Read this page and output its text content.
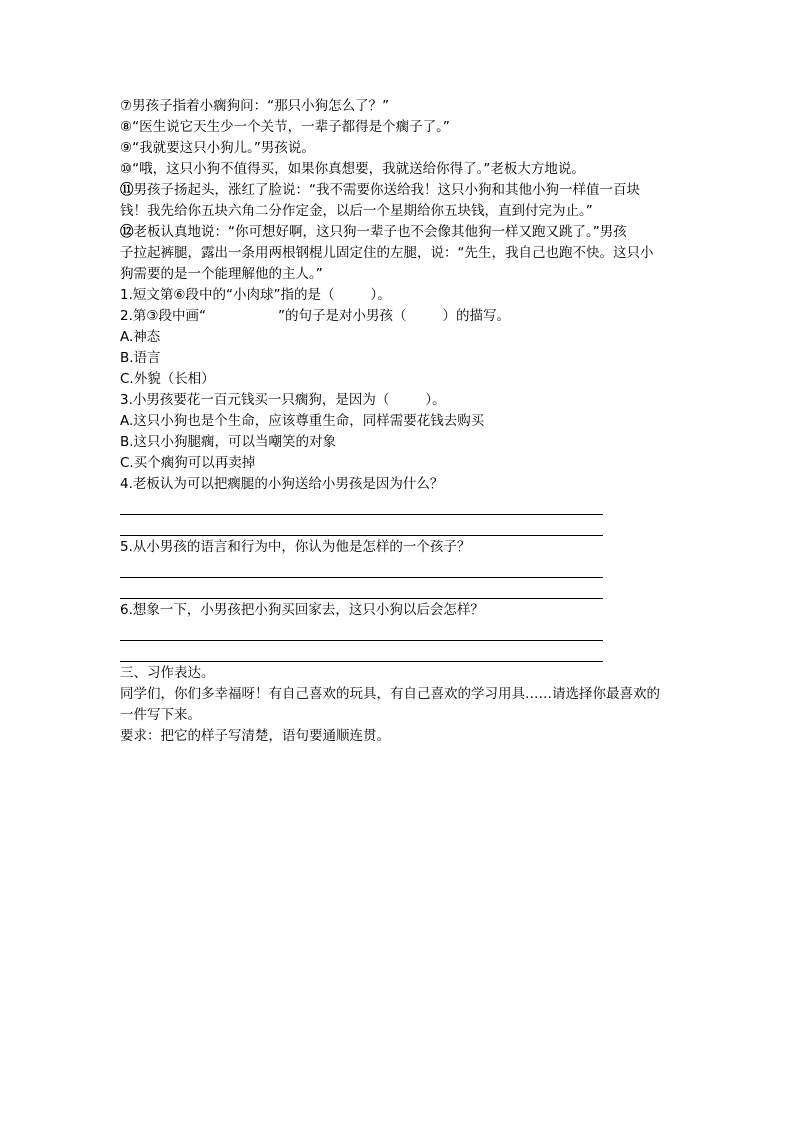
⑦男孩子指着小瘸狗问：“那只小狗怎么了？”
⑧“医生说它天生少一个关节，一辈子都得是个瘸子了。”
⑨“我就要这只小狗儿。”男孩说。
⑩“哦，这只小狗不值得买，如果你真想要，我就送给你得了。”老板大方地说。
⑪男孩子扬起头，涨红了脸说：“我不需要你送给我！这只小狗和其他小狗一样值一百块
钱！我先给你五块六角二分作定金，以后一个星期给你五块钱，直到付完为止。”
⑫老板认真地说：“你可想好啊，这只狗一辈子也不会像其他狗一样又跑又跳了。”男孩
子拉起裤腿，露出一条用两根钢棍儿固定住的左腿，说：“先生，我自己也跑不快。这只小
狗需要的是一个能理解他的主人。”
1.短文第⑥段中的“小肉球”指的是（	）。
2.第③段中画“	”的句子是对小男孩（	）的描写。
A.神态
B.语言
C.外貌（长相）
3.小男孩要花一百元钱买一只瘸狗，是因为（	）。
A.这只小狗也是个生命，应该尊重生命，同样需要花钱去购买
B.这只小狗腿瘸，可以当嘲笑的对象
C.买个瘸狗可以再卖掉
4.老板认为可以把瘸腿的小狗送给小男孩是因为什么？
5.从小男孩的语言和行为中，你认为他是怎样的一个孩子？
6.想象一下，小男孩把小狗买回家去，这只小狗以后会怎样？
三、习作表达。
同学们，你们多幸福呀！有自己喜欢的玩具，有自己喜欢的学习用具……请选择你最喜欢的
一件写下来。
要求：把它的样子写清楚，语句要通顺连贯。
